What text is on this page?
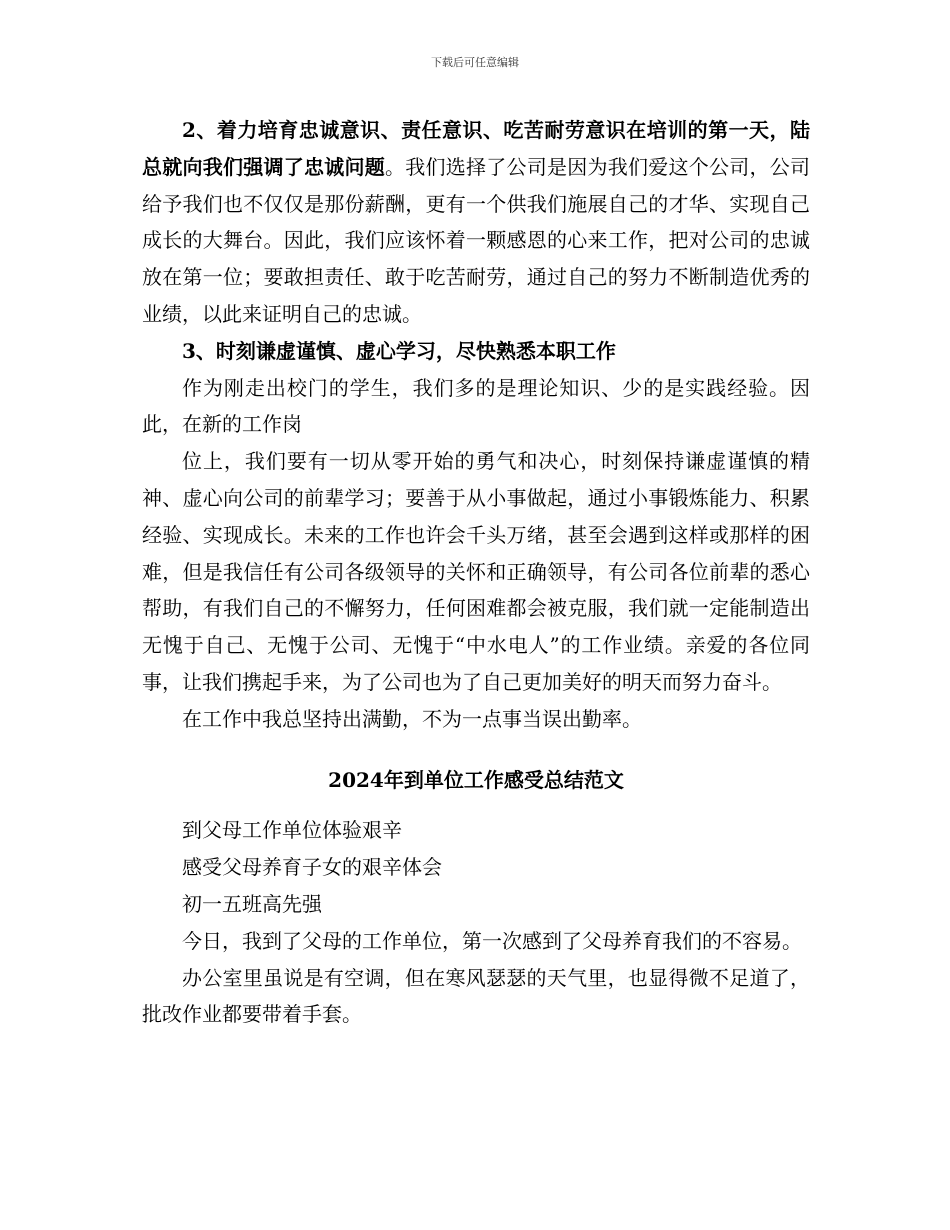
下载后可任意编辑

2、着力培育忠诚意识、责任意识、吃苦耐劳意识在培训的第一天，陆总就向我们强调了忠诚问题。我们选择了公司是因为我们爱这个公司，公司给予我们也不仅仅是那份薪酬，更有一个供我们施展自己的才华、实现自己成长的大舞台。因此，我们应该怀着一颗感恩的心来工作，把对公司的忠诚放在第一位；要敢担责任、敢于吃苦耐劳，通过自己的努力不断制造优秀的业绩，以此来证明自己的忠诚。

3、时刻谦虚谨慎、虚心学习，尽快熟悉本职工作

作为刚走出校门的学生，我们多的是理论知识、少的是实践经验。因此，在新的工作岗

位上，我们要有一切从零开始的勇气和决心，时刻保持谦虚谨慎的精神、虚心向公司的前辈学习；要善于从小事做起，通过小事锻炼能力、积累经验、实现成长。未来的工作也许会千头万绪，甚至会遇到这样或那样的困难，但是我信任有公司各级领导的关怀和正确领导，有公司各位前辈的悉心帮助，有我们自己的不懈努力，任何困难都会被克服，我们就一定能制造出无愧于自己、无愧于公司、无愧于“中水电人”的工作业绩。亲爱的各位同事，让我们携起手来，为了公司也为了自己更加美好的明天而努力奋斗。

在工作中我总坚持出满勤，不为一点事当误出勤率。

2024年到单位工作感受总结范文

到父母工作单位体验艰辛

感受父母养育子女的艰辛体会

初一五班高先强

今日，我到了父母的工作单位，第一次感到了父母养育我们的不容易。

办公室里虽说是有空调，但在寒风瑟瑟的天气里，也显得微不足道了，批改作业都要带着手套。
